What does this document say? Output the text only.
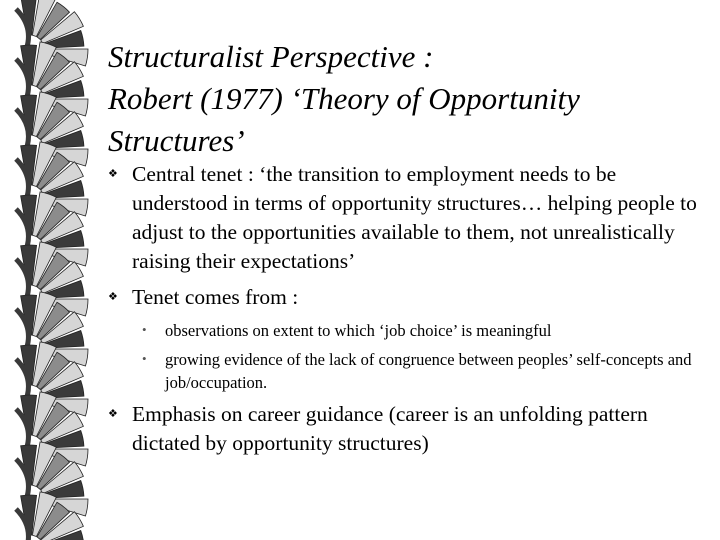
Structuralist Perspective :
Robert (1977) ‘Theory of Opportunity
Structures’
❖ Central tenet : ‘the transition to employment needs to be understood in terms of opportunity structures… helping people to adjust to the opportunities available to them, not unrealistically raising their expectations’
❖ Tenet comes from :
• observations on extent to which ‘job choice’ is meaningful
• growing evidence of the lack of congruence between peoples’ self-concepts and job/occupation.
❖ Emphasis on career guidance (career is an unfolding pattern dictated by opportunity structures)
